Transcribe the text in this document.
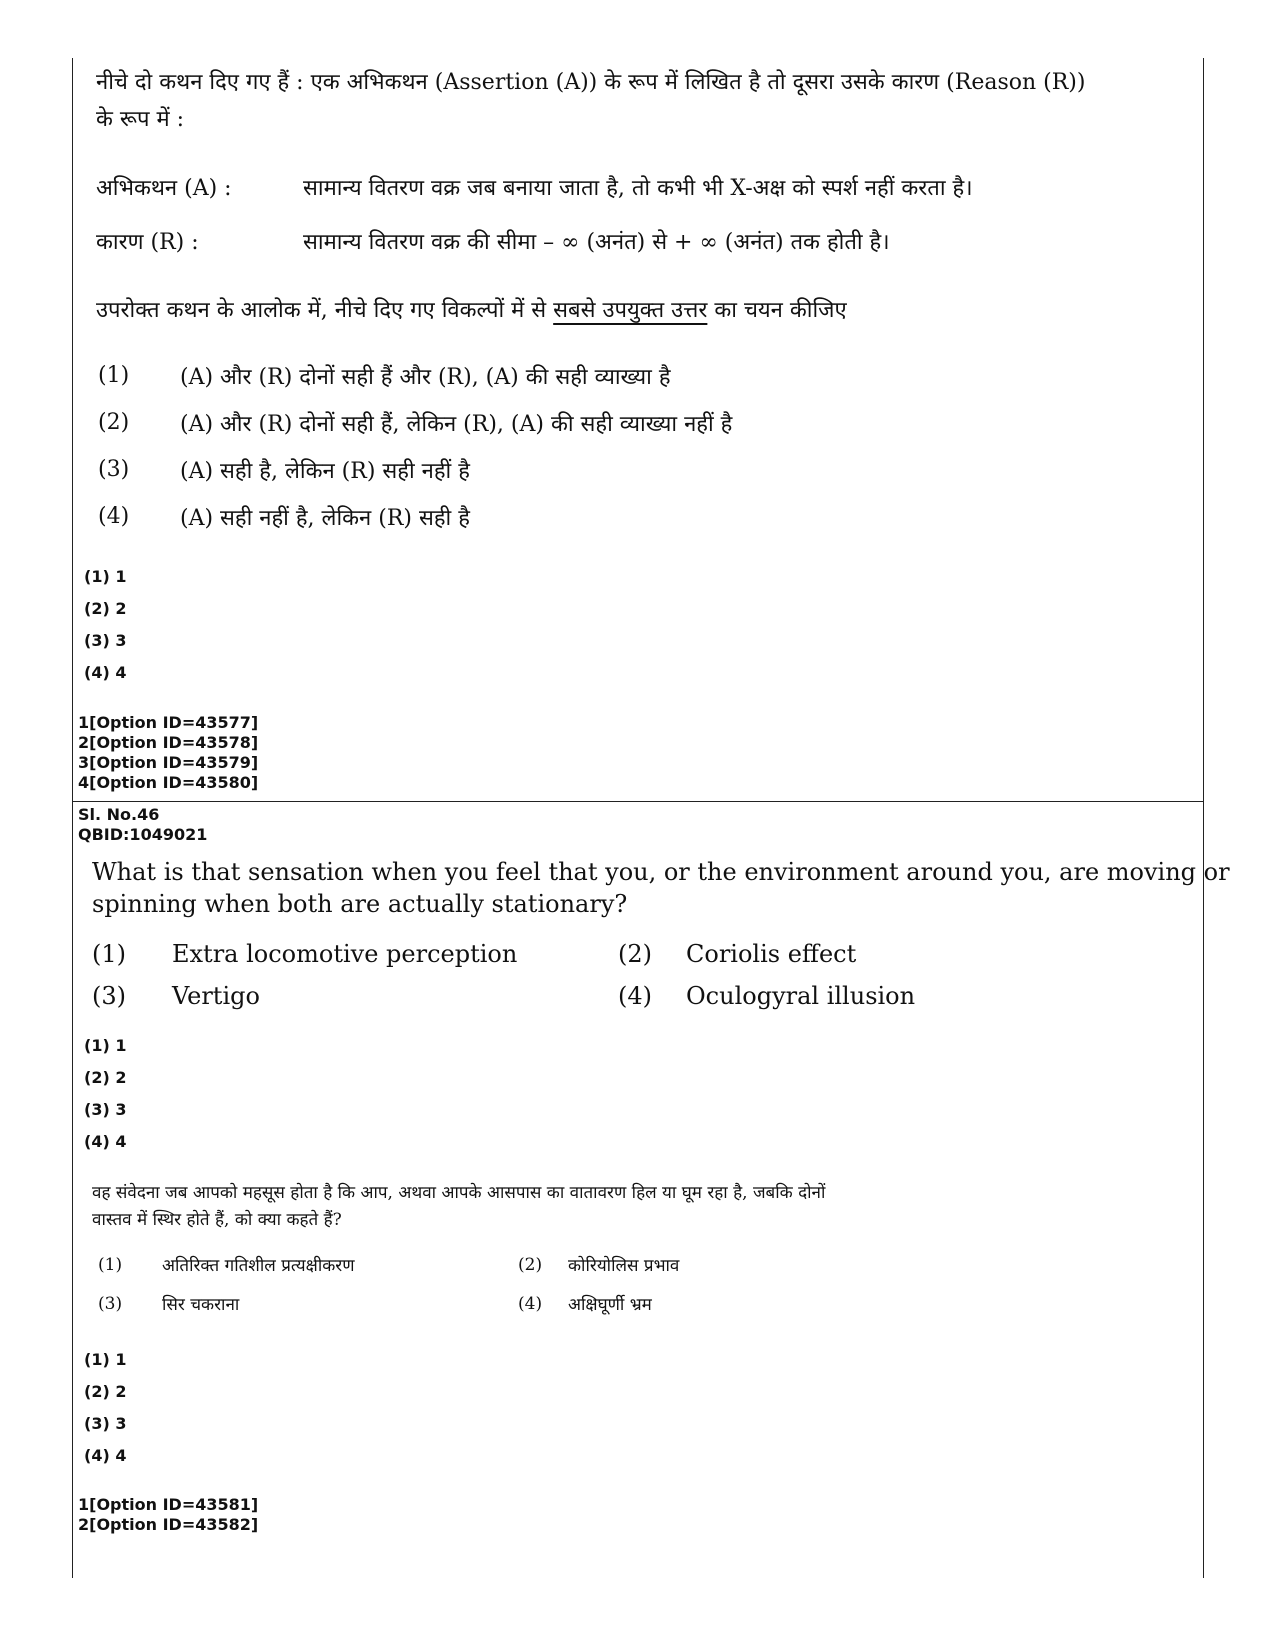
नीचे दो कथन दिए गए हैं : एक अभिकथन (Assertion (A)) के रूप में लिखित है तो दूसरा उसके कारण (Reason (R))
के रूप में :
अभिकथन (A) :	सामान्य वितरण वक्र जब बनाया जाता है, तो कभी भी X-अक्ष को स्पर्श नहीं करता है।
कारण (R) :	सामान्य वितरण वक्र की सीमा – ∞ (अनंत) से + ∞ (अनंत) तक होती है।
उपरोक्त कथन के आलोक में, नीचे दिए गए विकल्पों में से सबसे उपयुक्त उत्तर का चयन कीजिए
(1) (A) और (R) दोनों सही हैं और (R), (A) की सही व्याख्या है
(2) (A) और (R) दोनों सही हैं, लेकिन (R), (A) की सही व्याख्या नहीं है
(3) (A) सही है, लेकिन (R) सही नहीं है
(4) (A) सही नहीं है, लेकिन (R) सही है
(1) 1
(2) 2
(3) 3
(4) 4
1[Option ID=43577]
2[Option ID=43578]
3[Option ID=43579]
4[Option ID=43580]
Sl. No.46
QBID:1049021
What is that sensation when you feel that you, or the environment around you, are moving or
spinning when both are actually stationary?
(1) Extra locomotive perception	(2) Coriolis effect
(3) Vertigo	(4) Oculogyral illusion
(1) 1
(2) 2
(3) 3
(4) 4
वह संवेदना जब आपको महसूस होता है कि आप, अथवा आपके आसपास का वातावरण हिल या घूम रहा है, जबकि दोनों
वास्तव में स्थिर होते हैं, को क्या कहते हैं?
(1) अतिरिक्त गतिशील प्रत्यक्षीकरण	(2) कोरियोलिस प्रभाव
(3) सिर चकराना	(4) अक्षिघूर्णी भ्रम
(1) 1
(2) 2
(3) 3
(4) 4
1[Option ID=43581]
2[Option ID=43582]
